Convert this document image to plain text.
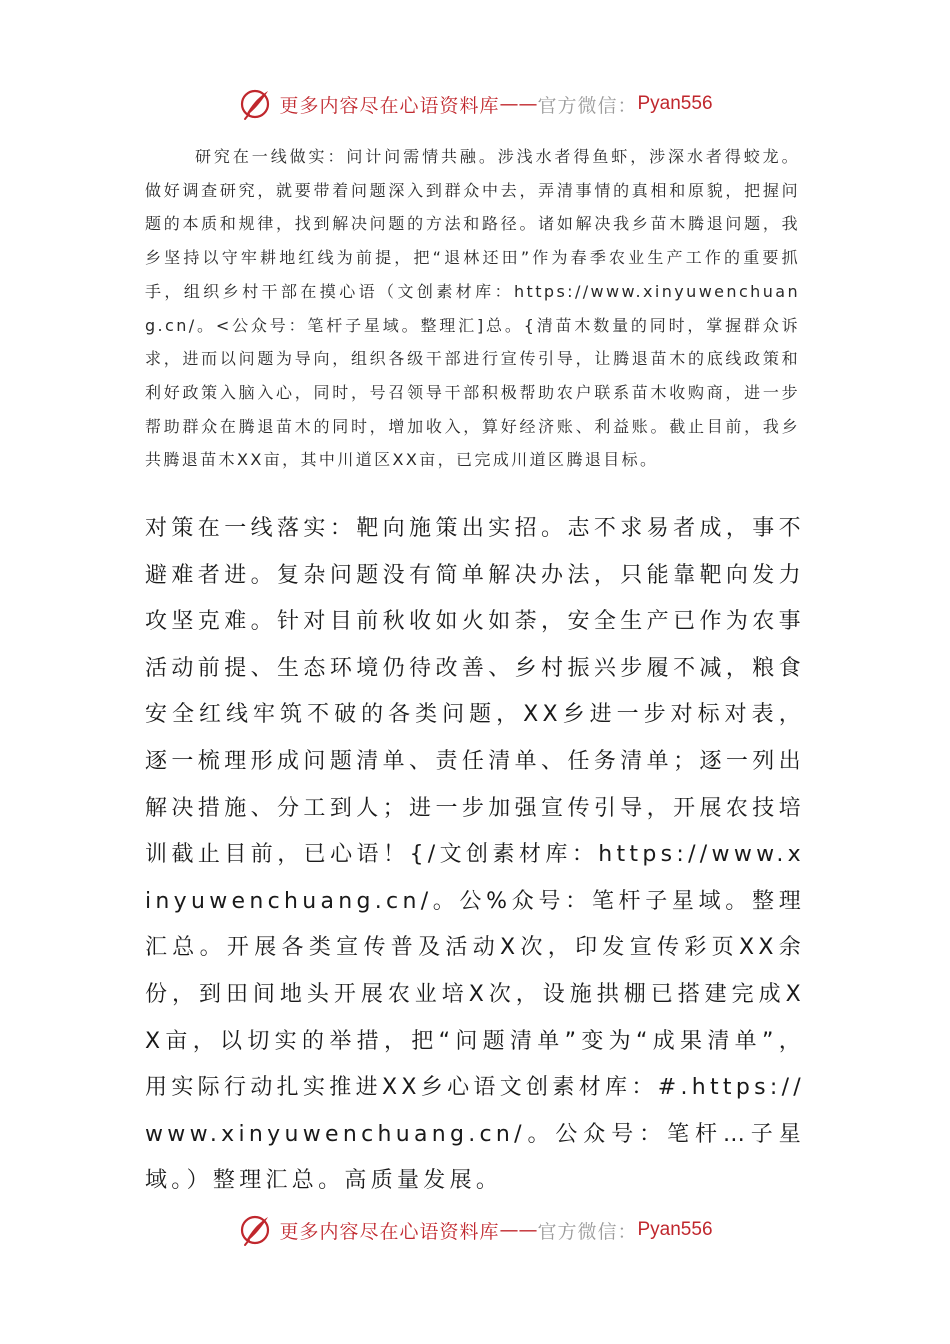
更多内容尽在心语资料库 —— 官方微信： Pyan556

研究在一线做实：问计问需情共融。涉浅水者得鱼虾，涉深水者得蛟龙。做好调查研究，就要带着问题深入到群众中去，弄清事情的真相和原貌，把握问题的本质和规律，找到解决问题的方法和路径。诸如解决我乡苗木腾退问题，我乡坚持以守牢耕地红线为前提，把“退林还田”作为春季农业生产工作的重要抓手，组织乡村干部在摸心语（文创素材库：https://www.xinyuwenchuang.cn/。<公众号：笔杆子星域。整理汇]总。{清苗木数量的同时，掌握群众诉求，进而以问题为导向，组织各级干部进行宣传引导，让腾退苗木的底线政策和利好政策入脑入心，同时，号召领导干部积极帮助农户联系苗木收购商，进一步帮助群众在腾退苗木的同时，增加收入，算好经济账、利益账。截止目前，我乡共腾退苗木XX亩，其中川道区XX亩，已完成川道区腾退目标。

对策在一线落实：靶向施策出实招。志不求易者成，事不避难者进。复杂问题没有简单解决办法，只能靠靶向发力攻坚克难。针对目前秋收如火如荼，安全生产已作为农事活动前提、生态环境仍待改善、乡村振兴步履不减，粮食安全红线牢筑不破的各类问题，XX乡进一步对标对表，逐一梳理形成问题清单、责任清单、任务清单；逐一列出解决措施、分工到人；进一步加强宣传引导，开展农技培训截止目前，已心语！{/文创素材库：https://www.xinyuwenchuang.cn/。公%众号：笔杆子星域。整理汇总。开展各类宣传普及活动X次，印发宣传彩页XX余份，到田间地头开展农业培X次，设施拱棚已搭建完成XX亩，以切实的举措，把“问题清单”变为“成果清单”，用实际行动扎实推进XX乡心语文创素材库：#.https://www.xinyuwenchuang.cn/。公众号：笔杆…子星域。）整理汇总。高质量发展。

更多内容尽在心语资料库 —— 官方微信： Pyan556
